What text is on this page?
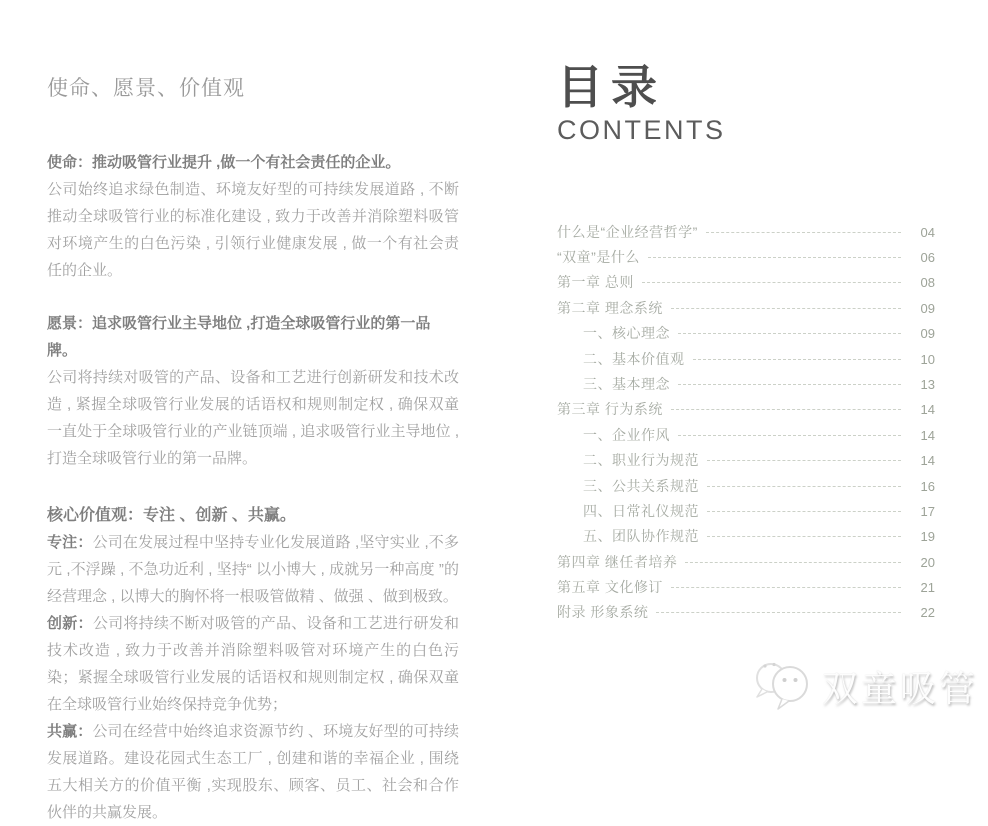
使命、愿景、价值观
使命：推动吸管行业提升 ,做一个有社会责任的企业。

公司始终追求绿色制造、环境友好型的可持续发展道路 , 不断推动全球吸管行业的标准化建设 , 致力于改善并消除塑料吸管对环境产生的白色污染 , 引领行业健康发展 , 做一个有社会责任的企业。

愿景：追求吸管行业主导地位 ,打造全球吸管行业的第一品牌。

公司将持续对吸管的产品、设备和工艺进行创新研发和技术改造 , 紧握全球吸管行业发展的话语权和规则制定权 , 确保双童一直处于全球吸管行业的产业链顶端 , 追求吸管行业主导地位 , 打造全球吸管行业的第一品牌。

核心价值观：专注 、创新 、共赢。

专注：公司在发展过程中坚持专业化发展道路 ,坚守实业 ,不多元 ,不浮躁 , 不急功近利 , 坚持“ 以小博大 , 成就另一种高度 ”的经营理念 , 以博大的胸怀将一根吸管做精 、做强 、做到极致。

创新：公司将持续不断对吸管的产品、设备和工艺进行研发和技术改造 , 致力于改善并消除塑料吸管对环境产生的白色污染；紧握全球吸管行业发展的话语权和规则制定权 , 确保双童在全球吸管行业始终保持竞争优势；

共赢：公司在经营中始终追求资源节约 、环境友好型的可持续发展道路。建设花园式生态工厂 , 创建和谐的幸福企业 , 围绕五大相关方的价值平衡 ,实现股东、顾客、员工、社会和合作伙伴的共赢发展。

目录
CONTENTS
什么是“企业经营哲学”	04
“双童”是什么	06
第一章 总则	08
第二章 理念系统	09
一、核心理念	09
二、基本价值观	10
三、基本理念	13
第三章 行为系统	14
一、企业作风	14
二、职业行为规范	14
三、公共关系规范	16
四、日常礼仪规范	17
五、团队协作规范	19
第四章 继任者培养	20
第五章 文化修订	21
附录 形象系统	22
双童吸管
